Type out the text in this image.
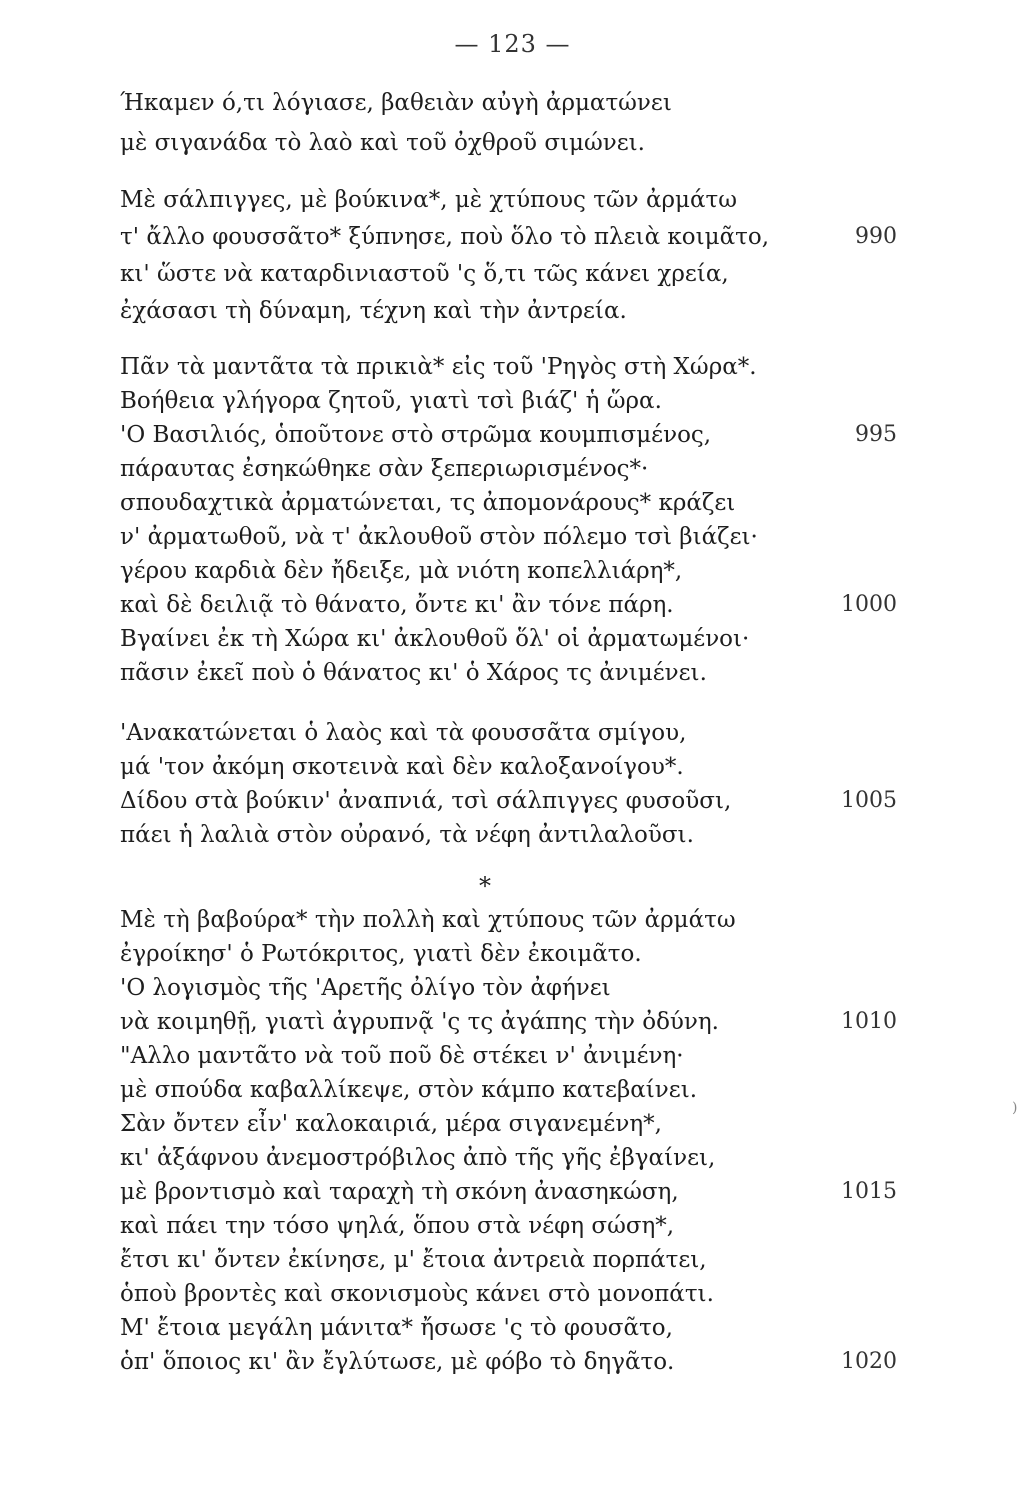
— 123 —
Ήκαμεν ό,τι λόγιασε, βαθειὰν αὐγὴ ἀρματώνει
μὲ σιγανάδα τὸ λαὸ καὶ τοῦ ὀχθροῦ σιμώνει.
Μὲ σάλπιγγες, μὲ βούκινα*, μὲ χτύπους τῶν ἀρμάτω
τ' ἄλλο φουσσᾶτο* ξύπνησε, ποὺ ὅλο τὸ πλειὰ κοιμᾶτο,	990
κι' ὥστε νὰ καταρδινιαστοῦ 'ς ὅ,τι τῶς κάνει χρεία,
ἐχάσασι τὴ δύναμη, τέχνη καὶ τὴν ἀντρεία.
Πᾶν τὰ μαντᾶτα τὰ πρικιὰ* εἰς τοῦ 'Ρηγὸς στὴ Χώρα*.
Βοήθεια γλήγορα ζητοῦ, γιατὶ τσὶ βιάζ' ἡ ὥρα.
'Ο Βασιλιός, ὁποῦτονε στὸ στρῶμα κουμπισμένος,	995
πάραυτας ἐσηκώθηκε σὰν ξεπεριωρισμένος*·
σπουδαχτικὰ ἀρματώνεται, τς ἀπομονάρους* κράζει
ν' ἀρματωθοῦ, νὰ τ' ἀκλουθοῦ στὸν πόλεμο τσὶ βιάζει·
γέρου καρδιὰ δὲν ἤδειξε, μὰ νιότη κοπελλιάρη*,
καὶ δὲ δειλιᾷ τὸ θάνατο, ὄντε κι' ἂν τόνε πάρη.	1000
Βγαίνει ἐκ τὴ Χώρα κι' ἀκλουθοῦ ὅλ' οἱ ἀρματωμένοι·
πᾶσιν ἐκεῖ ποὺ ὁ θάνατος κι' ὁ Χάρος τς ἀνιμένει.
'Ανακατώνεται ὁ λαὸς καὶ τὰ φουσσᾶτα σμίγου,
μά 'τον ἀκόμη σκοτεινὰ καὶ δὲν καλοξανοίγου*.
Δίδου στὰ βούκιν' ἀναπνιά, τσὶ σάλπιγγες φυσοῦσι,	1005
πάει ἡ λαλιὰ στὸν οὐρανό, τὰ νέφη ἀντιλαλοῦσι.
*
Μὲ τὴ βαβούρα* τὴν πολλὴ καὶ χτύπους τῶν ἀρμάτω
ἐγροίκησ' ὁ Ρωτόκριτος, γιατὶ δὲν ἐκοιμᾶτο.
'Ο λογισμὸς τῆς 'Αρετῆς ὀλίγο τὸν ἀφήνει
νὰ κοιμηθῇ, γιατὶ ἀγρυπνᾷ 'ς τς ἀγάπης τὴν ὀδύνη.	1010
"Αλλο μαντᾶτο νὰ τοῦ ποῦ δὲ στέκει ν' ἀνιμένη·
μὲ σπούδα καβαλλίκεψε, στὸν κάμπο κατεβαίνει.
Σὰν ὄντεν εἶν' καλοκαιριά, μέρα σιγανεμένη*,
κι' ἀξάφνου ἀνεμοστρόβιλος ἀπὸ τῆς γῆς ἐβγαίνει,
μὲ βροντισμὸ καὶ ταραχὴ τὴ σκόνη ἀνασηκώση,	1015
καὶ πάει την τόσο ψηλά, ὅπου στὰ νέφη σώση*,
ἔτσι κι' ὄντεν ἐκίνησε, μ' ἔτοια ἀντρειὰ πορπάτει,
ὁποὺ βροντὲς καὶ σκονισμοὺς κάνει στὸ μονοπάτι.
Μ' ἔτοια μεγάλη μάνιτα* ἤσωσε 'ς τὸ φουσᾶτο,
ὁπ' ὅποιος κι' ἂν ἔγλύτωσε, μὲ φόβο τὸ δηγᾶτο.	1020
)
